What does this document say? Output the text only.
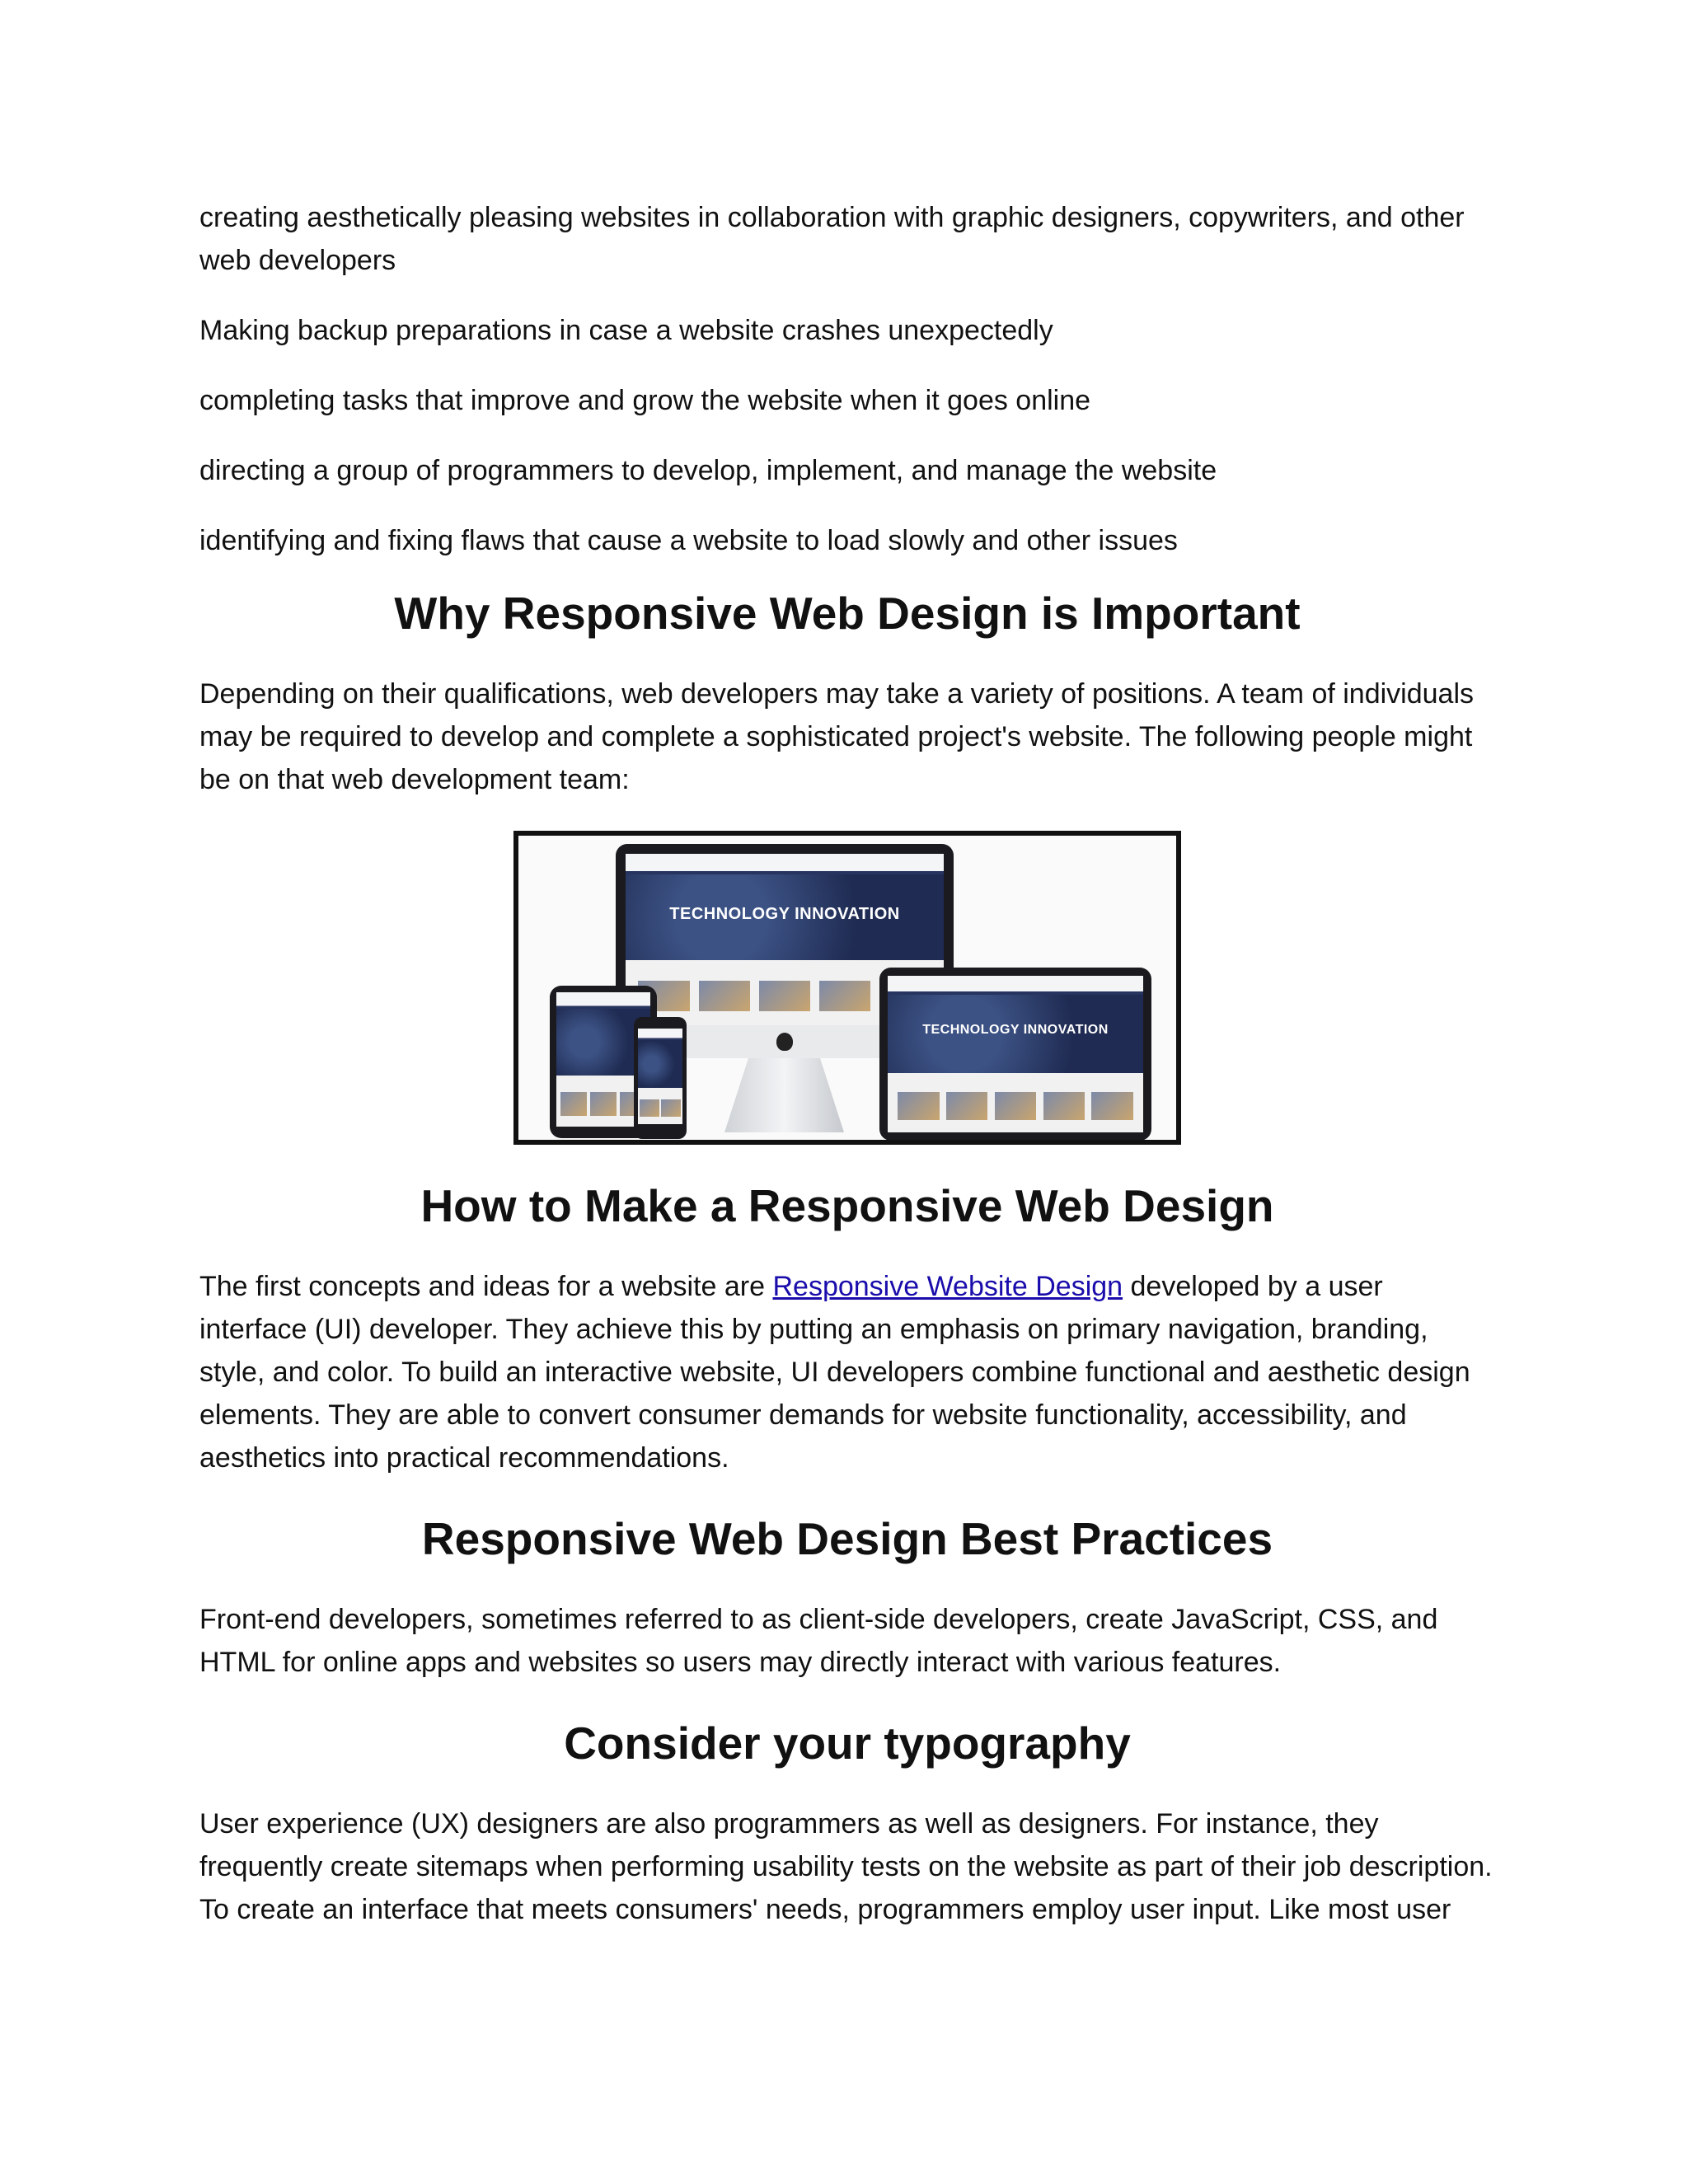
creating aesthetically pleasing websites in collaboration with graphic designers, copywriters, and other web developers

Making backup preparations in case a website crashes unexpectedly

completing tasks that improve and grow the website when it goes online

directing a group of programmers to develop, implement, and manage the website

identifying and fixing flaws that cause a website to load slowly and other issues

Why Responsive Web Design is Important

Depending on their qualifications, web developers may take a variety of positions. A team of individuals may be required to develop and complete a sophisticated project's website. The following people might be on that web development team:

TECHNOLOGY INNOVATION
TECHNOLOGY INNOVATION
How to Make a Responsive Web Design

The first concepts and ideas for a website are Responsive Website Design developed by a user interface (UI) developer. They achieve this by putting an emphasis on primary navigation, branding, style, and color. To build an interactive website, UI developers combine functional and aesthetic design elements. They are able to convert consumer demands for website functionality, accessibility, and aesthetics into practical recommendations.

Responsive Web Design Best Practices

Front-end developers, sometimes referred to as client-side developers, create JavaScript, CSS, and HTML for online apps and websites so users may directly interact with various features.

Consider your typography

User experience (UX) designers are also programmers as well as designers. For instance, they frequently create sitemaps when performing usability tests on the website as part of their job description. To create an interface that meets consumers' needs, programmers employ user input. Like most user
